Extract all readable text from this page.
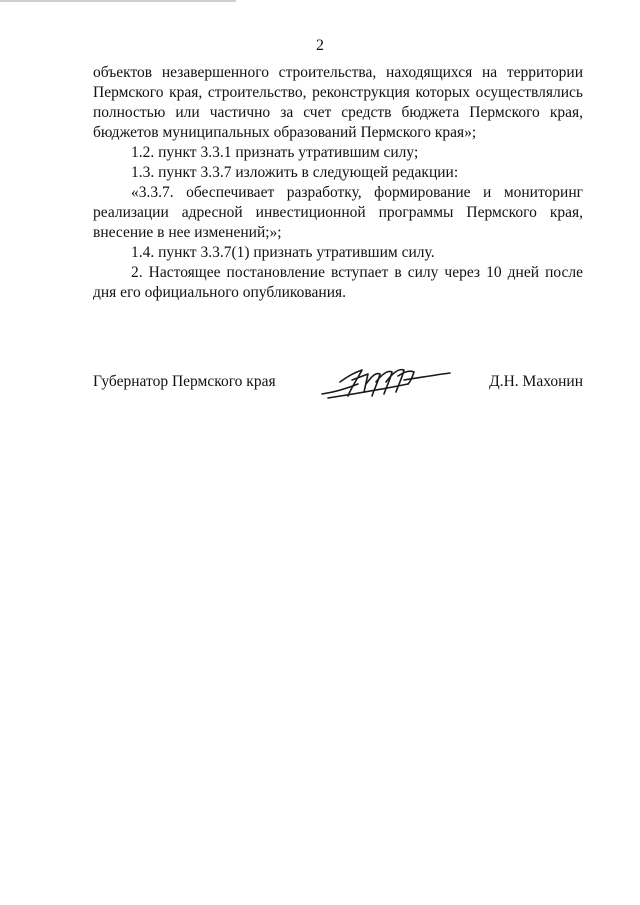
2

объектов незавершенного строительства, находящихся на территории Пермского края, строительство, реконструкция которых осуществлялись полностью или частично за счет средств бюджета Пермского края, бюджетов муниципальных образований Пермского края»;

1.2. пункт 3.3.1 признать утратившим силу;

1.3. пункт 3.3.7 изложить в следующей редакции:

«3.3.7. обеспечивает разработку, формирование и мониторинг реализации адресной инвестиционной программы Пермского края, внесение в нее изменений;»;

1.4. пункт 3.3.7(1) признать утратившим силу.

2. Настоящее постановление вступает в силу через 10 дней после дня его официального опубликования.

Губернатор Пермского края	Д.Н. Махонин
